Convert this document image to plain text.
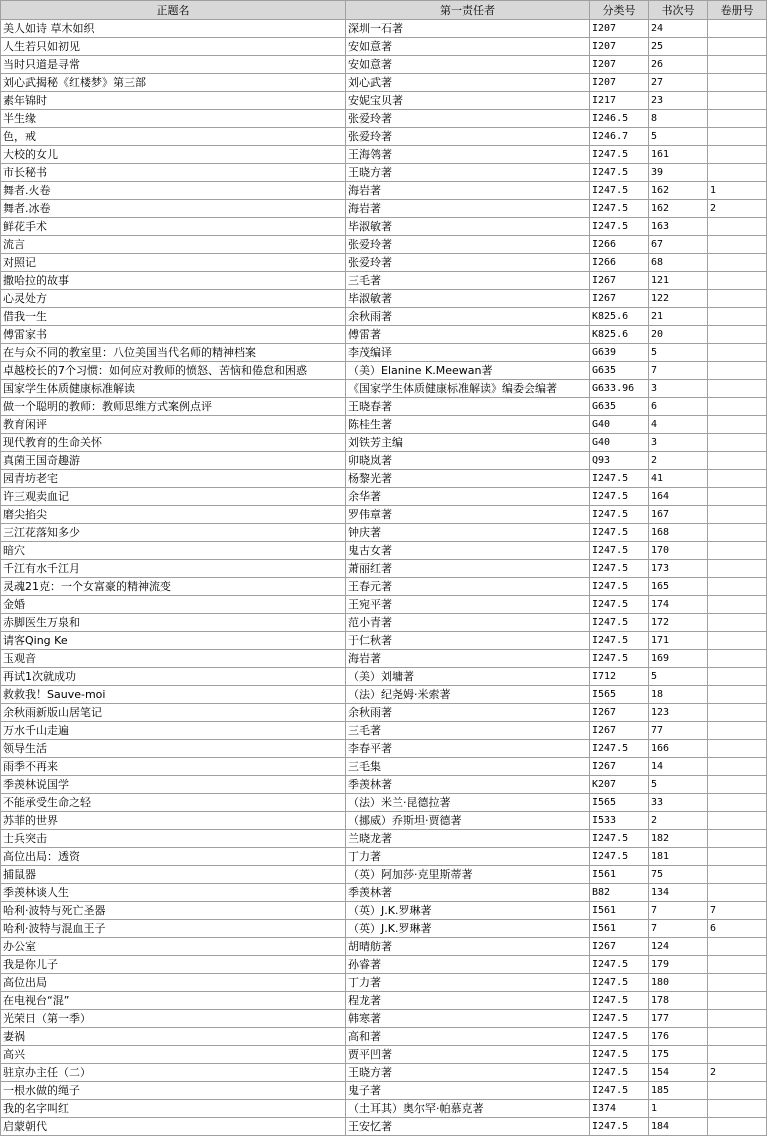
正题名	第一责任者	分类号	书次号	卷册号
美人如诗 草木如织	深圳一石著	I207	24	
人生若只如初见	安如意著	I207	25	
当时只道是寻常	安如意著	I207	26	
刘心武揭秘《红楼梦》第三部	刘心武著	I207	27	
素年锦时	安妮宝贝著	I217	23	
半生缘	张爱玲著	I246.5	8	
色，戒	张爱玲著	I246.7	5	
大校的女儿	王海鸰著	I247.5	161	
市长秘书	王晓方著	I247.5	39	
舞者.火卷	海岩著	I247.5	162	1
舞者.冰卷	海岩著	I247.5	162	2
鲜花手术	毕淑敏著	I247.5	163	
流言	张爱玲著	I266	67	
对照记	张爱玲著	I266	68	
撒哈拉的故事	三毛著	I267	121	
心灵处方	毕淑敏著	I267	122	
借我一生	余秋雨著	K825.6	21	
傅雷家书	傅雷著	K825.6	20	
在与众不同的教室里：八位美国当代名师的精神档案	李茂编译	G639	5	
卓越校长的7个习惯：如何应对教师的愤怒、苦恼和倦怠和困惑	（美）Elanine K.Meewan著	G635	7	
国家学生体质健康标准解读	《国家学生体质健康标准解读》编委会编著	G633.96	3	
做一个聪明的教师：教师思维方式案例点评	王晓春著	G635	6	
教育闲评	陈桂生著	G40	4	
现代教育的生命关怀	刘铁芳主编	G40	3	
真菌王国奇趣游	卯晓岚著	Q93	2	
园青坊老宅	杨黎光著	I247.5	41	
许三观卖血记	余华著	I247.5	164	
磨尖掐尖	罗伟章著	I247.5	167	
三江花落知多少	钟庆著	I247.5	168	
暗穴	鬼古女著	I247.5	170	
千江有水千江月	萧丽红著	I247.5	173	
灵魂21克：一个女富豪的精神流变	王春元著	I247.5	165	
金婚	王宛平著	I247.5	174	
赤脚医生万泉和	范小青著	I247.5	172	
请客Qing Ke	于仁秋著	I247.5	171	
玉观音	海岩著	I247.5	169	
再试1次就成功	（美）刘墉著	I712	5	
救救我！Sauve-moi	（法）纪尧姆·米索著	I565	18	
余秋雨新版山居笔记	余秋雨著	I267	123	
万水千山走遍	三毛著	I267	77	
领导生活	李春平著	I247.5	166	
雨季不再来	三毛集	I267	14	
季羡林说国学	季羡林著	K207	5	
不能承受生命之轻	（法）米兰·昆德拉著	I565	33	
苏菲的世界	（挪威）乔斯坦·贾德著	I533	2	
士兵突击	兰晓龙著	I247.5	182	
高位出局：透资	丁力著	I247.5	181	
捕鼠器	（英）阿加莎·克里斯蒂著	I561	75	
季羡林谈人生	季羡林著	B82	134	
哈利·波特与死亡圣器	（英）J.K.罗琳著	I561	7	7
哈利·波特与混血王子	（英）J.K.罗琳著	I561	7	6
办公室	胡晴舫著	I267	124	
我是你儿子	孙睿著	I247.5	179	
高位出局	丁力著	I247.5	180	
在电视台“混”	程龙著	I247.5	178	
光荣日（第一季）	韩寒著	I247.5	177	
妻祸	高和著	I247.5	176	
高兴	贾平凹著	I247.5	175	
驻京办主任（二）	王晓方著	I247.5	154	2
一根水做的绳子	鬼子著	I247.5	185	
我的名字叫红	（土耳其）奥尔罕·帕慕克著	I374	1	
启蒙朝代	王安忆著	I247.5	184	
